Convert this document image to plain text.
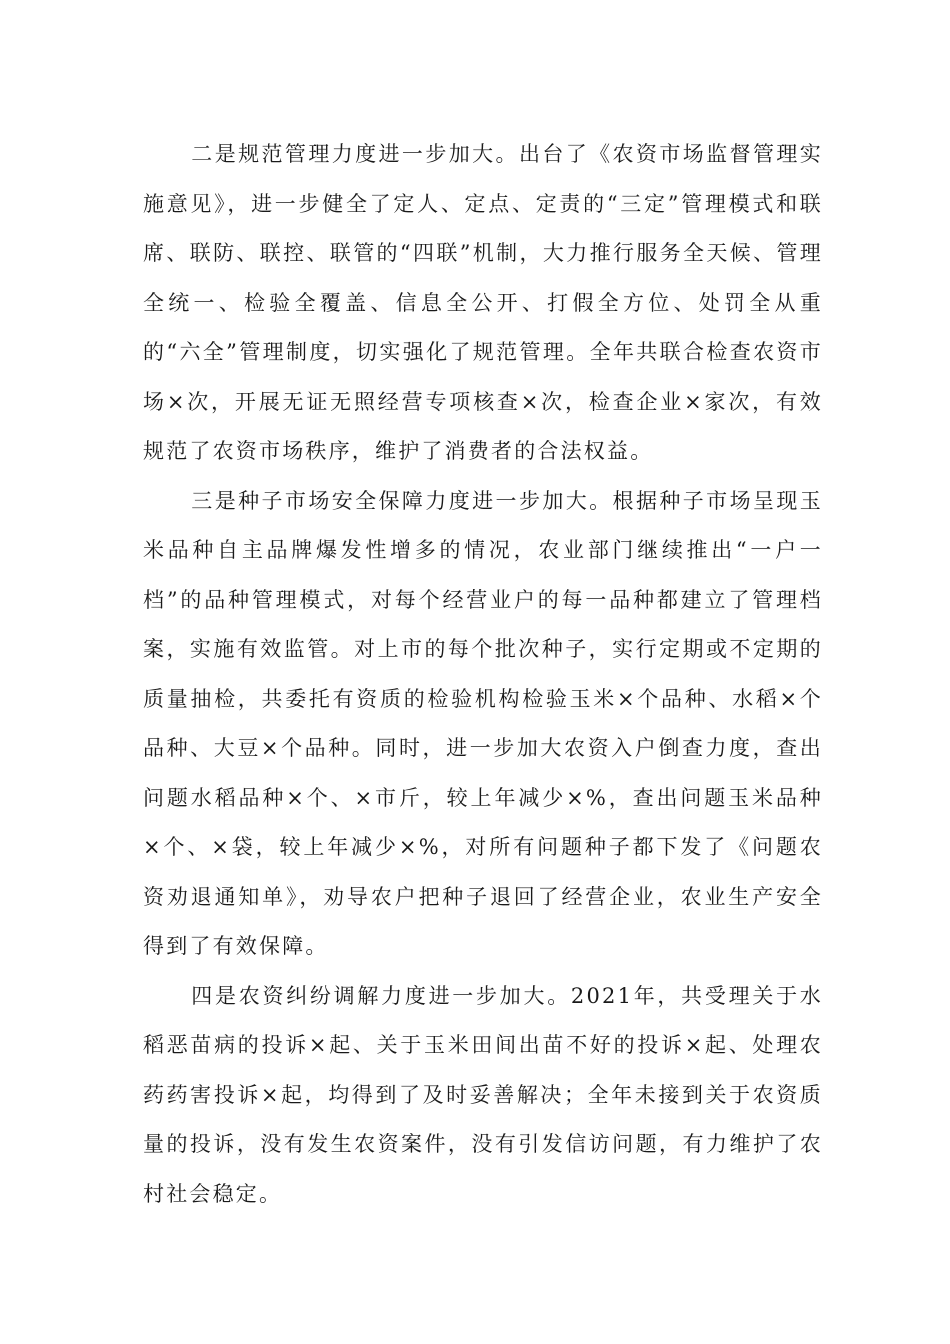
二是规范管理力度进一步加大。出台了《农资市场监督管理实施意见》，进一步健全了定人、定点、定责的“三定”管理模式和联席、联防、联控、联管的“四联”机制，大力推行服务全天候、管理全统一、检验全覆盖、信息全公开、打假全方位、处罚全从重的“六全”管理制度，切实强化了规范管理。全年共联合检查农资市场×次，开展无证无照经营专项核查×次，检查企业×家次，有效规范了农资市场秩序，维护了消费者的合法权益。

三是种子市场安全保障力度进一步加大。根据种子市场呈现玉米品种自主品牌爆发性增多的情况，农业部门继续推出“一户一档”的品种管理模式，对每个经营业户的每一品种都建立了管理档案，实施有效监管。对上市的每个批次种子，实行定期或不定期的质量抽检，共委托有资质的检验机构检验玉米×个品种、水稻×个品种、大豆×个品种。同时，进一步加大农资入户倒查力度，查出问题水稻品种×个、×市斤，较上年减少×%，查出问题玉米品种×个、×袋，较上年减少×%，对所有问题种子都下发了《问题农资劝退通知单》，劝导农户把种子退回了经营企业，农业生产安全得到了有效保障。

四是农资纠纷调解力度进一步加大。2021年，共受理关于水稻恶苗病的投诉×起、关于玉米田间出苗不好的投诉×起、处理农药药害投诉×起，均得到了及时妥善解决；全年未接到关于农资质量的投诉，没有发生农资案件，没有引发信访问题，有力维护了农村社会稳定。
